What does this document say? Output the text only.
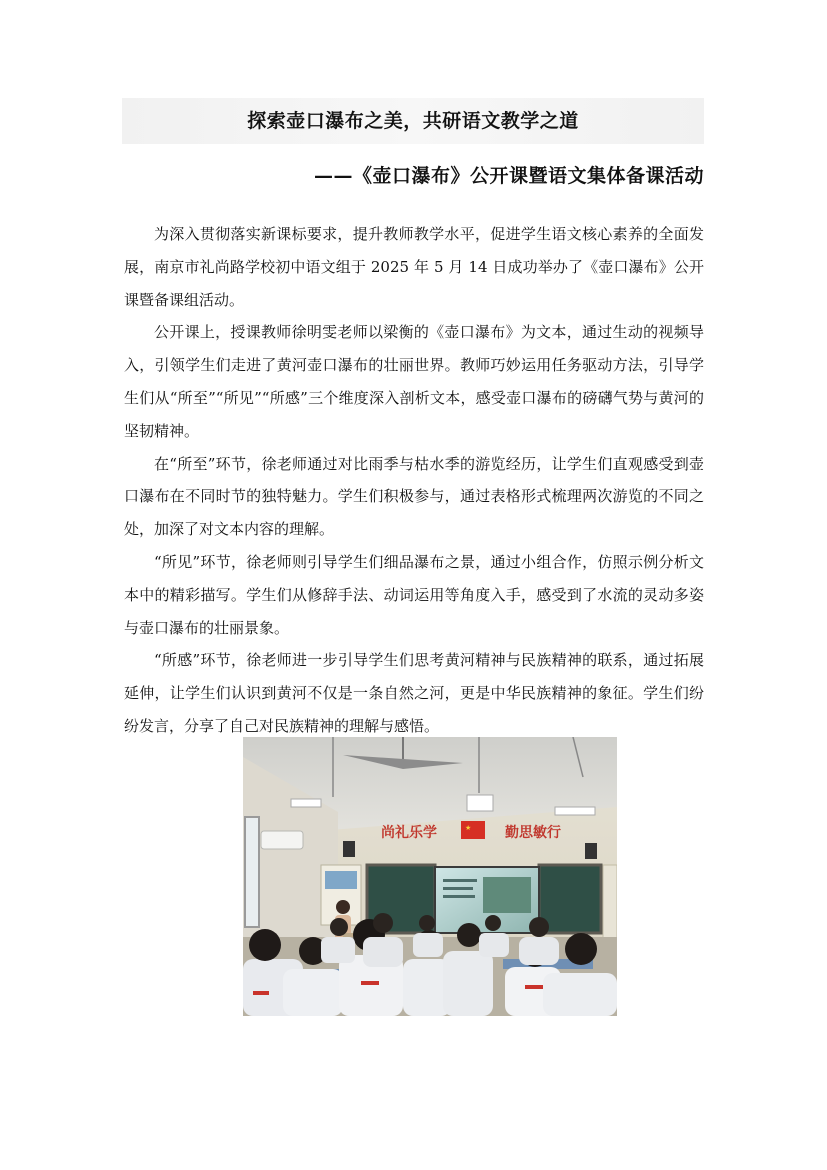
探索壶口瀑布之美，共研语文教学之道
——《壶口瀑布》公开课暨语文集体备课活动

为深入贯彻落实新课标要求，提升教师教学水平，促进学生语文核心素养的全面发展，南京市礼尚路学校初中语文组于 2025 年 5 月 14 日成功举办了《壶口瀑布》公开课暨备课组活动。

公开课上，授课教师徐明雯老师以梁衡的《壶口瀑布》为文本，通过生动的视频导入，引领学生们走进了黄河壶口瀑布的壮丽世界。教师巧妙运用任务驱动方法，引导学生们从“所至”“所见”“所感”三个维度深入剖析文本，感受壶口瀑布的磅礴气势与黄河的坚韧精神。

在“所至”环节，徐老师通过对比雨季与枯水季的游览经历，让学生们直观感受到壶口瀑布在不同时节的独特魅力。学生们积极参与，通过表格形式梳理两次游览的不同之处，加深了对文本内容的理解。

“所见”环节，徐老师则引导学生们细品瀑布之景，通过小组合作，仿照示例分析文本中的精彩描写。学生们从修辞手法、动词运用等角度入手，感受到了水流的灵动多姿与壶口瀑布的壮丽景象。

“所感”环节，徐老师进一步引导学生们思考黄河精神与民族精神的联系，通过拓展延伸，让学生们认识到黄河不仅是一条自然之河，更是中华民族精神的象征。学生们纷纷发言，分享了自己对民族精神的理解与感悟。

尚礼乐学	★ 勤思敏行
